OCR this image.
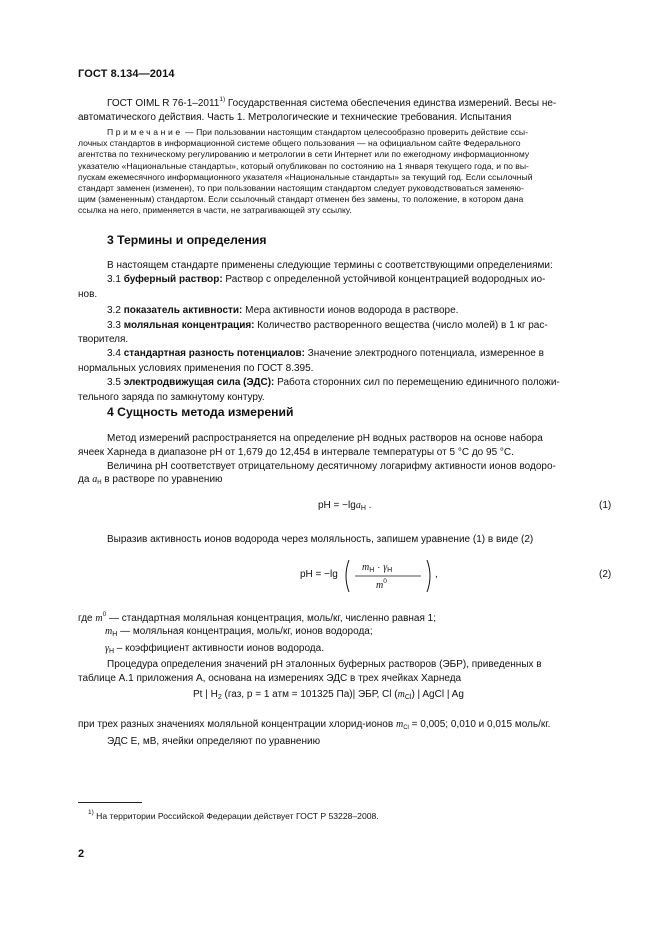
ГОСТ 8.134—2014
ГОСТ OIML R 76-1–2011$^{1)}$ Государственная система обеспечения единства измерений. Весы не-
автоматического действия. Часть 1. Метрологические и технические требования. Испытания
Примечание — При пользовании настоящим стандартом целесообразно проверить действие ссы-
лочных стандартов в информационной системе общего пользования — на официальном сайте Федерального
агентства по техническому регулированию и метрологии в сети Интернет или по ежегодному информационному
указателю «Национальные стандарты», который опубликован по состоянию на 1 января текущего года, и по вы-
пускам ежемесячного информационного указателя «Национальные стандарты» за текущий год. Если ссылочный
стандарт заменен (изменен), то при пользовании настоящим стандартом следует руководствоваться заменяю-
щим (замененным) стандартом. Если ссылочный стандарт отменен без замены, то положение, в котором дана
ссылка на него, применяется в части, не затрагивающей эту ссылку.
3 Термины и определения
В настоящем стандарте применены следующие термины с соответствующими определениями:
3.1 буферный раствор: Раствор с определенной устойчивой концентрацией водородных ио-
нов.
3.2 показатель активности: Мера активности ионов водорода в растворе.
3.3 моляльная концентрация: Количество растворенного вещества (число молей) в 1 кг рас-
творителя.
3.4 стандартная разность потенциалов: Значение электродного потенциала, измеренное в
нормальных условиях применения по ГОСТ 8.395.
3.5 электродвижущая сила (ЭДС): Работа сторонних сил по перемещению единичного положи-
тельного заряда по замкнутому контуру.
4 Сущность метода измерений
Метод измерений распространяется на определение pH водных растворов на основе набора
ячеек Харнеда в диапазоне pH от 1,679 до 12,454 в интервале температуры от 5 °С до 95 °С.
Величина pH соответствует отрицательному десятичному логарифму активности ионов водоро-
да $a_H$ в растворе по уравнению
pH = −lga$_H$ .	(1)
Выразив активность ионов водорода через моляльность, запишем уравнение (1) в виде (2)
pH = −lg
$m_H \cdot \gamma_H$
$m^0$
,	(2)
где $m^0$ — стандартная моляльная концентрация, моль/кг, численно равная 1;
$m_H$ — моляльная концентрация, моль/кг, ионов водорода;
$\gamma_H$ – коэффициент активности ионов водорода.
Процедура определения значений pH эталонных буферных растворов (ЭБР), приведенных в
таблице А.1 приложения А, основана на измерениях ЭДС в трех ячейках Харнеда
Pt | $H_2$ (газ, p = 1 атм = 101325 Па)| ЭБР, Cl $(m_{Cl})$ | AgCl | Ag
при трех разных значениях моляльной концентрации хлорид-ионов $m_{Cl} = 0,005$; 0,010 и 0,015 моль/кг.
ЭДС E, мВ, ячейки определяют по уравнению
$^{1)}$ На территории Российской Федерации действует ГОСТ Р 53228–2008.
2
